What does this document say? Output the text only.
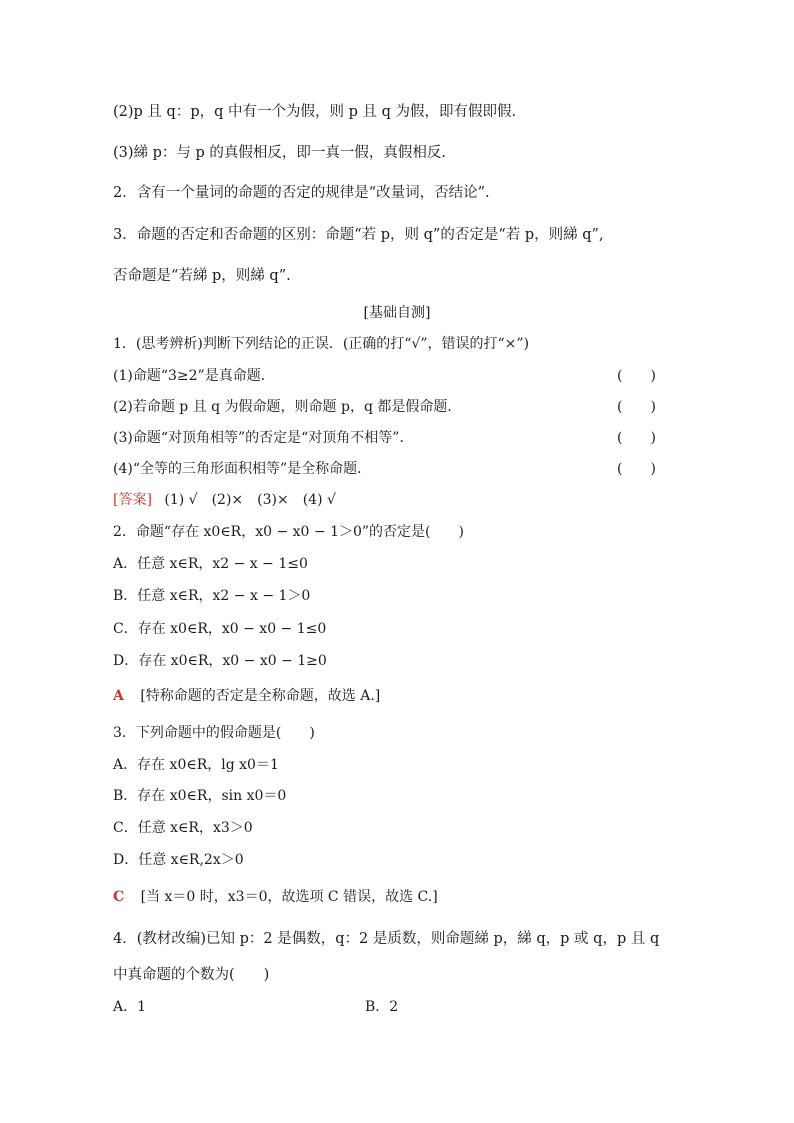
(2)p 且 q：p，q 中有一个为假，则 p 且 q 为假，即有假即假.
(3)綈 p：与 p 的真假相反，即一真一假，真假相反.
2．含有一个量词的命题的否定的规律是“改量词，否结论”.
3．命题的否定和否命题的区别：命题“若 p，则 q”的否定是“若 p，则綈 q”,
否命题是“若綈 p，则綈 q”.
[基础自测]
1．(思考辨析)判断下列结论的正误．(正确的打“√”，错误的打“×”)
(1)命题“3≥2”是真命题．	(　　)
(2)若命题 p 且 q 为假命题，则命题 p，q 都是假命题．	(　　)
(3)命题“对顶角相等”的否定是“对顶角不相等”．	(　　)
(4)“全等的三角形面积相等”是全称命题．	(　　)
[答案] (1) √　(2)×　(3)×　(4) √
2．命题“存在 x0∈R，x0 − x0 − 1＞0”的否定是(　　)
A．任意 x∈R，x2 − x − 1≤0
B．任意 x∈R，x2 − x − 1＞0
C．存在 x0∈R，x0 − x0 − 1≤0
D．存在 x0∈R，x0 − x0 − 1≥0
A [特称命题的否定是全称命题，故选 A.]
3．下列命题中的假命题是(　　)
A．存在 x0∈R，lg x0＝1
B．存在 x0∈R，sin x0＝0
C．任意 x∈R，x3＞0
D．任意 x∈R,2x＞0
C [当 x＝0 时，x3＝0，故选项 C 错误，故选 C.]
4．(教材改编)已知 p：2 是偶数，q：2 是质数，则命题綈 p，綈 q，p 或 q，p 且 q
中真命题的个数为(　　)
A．1	B．2
